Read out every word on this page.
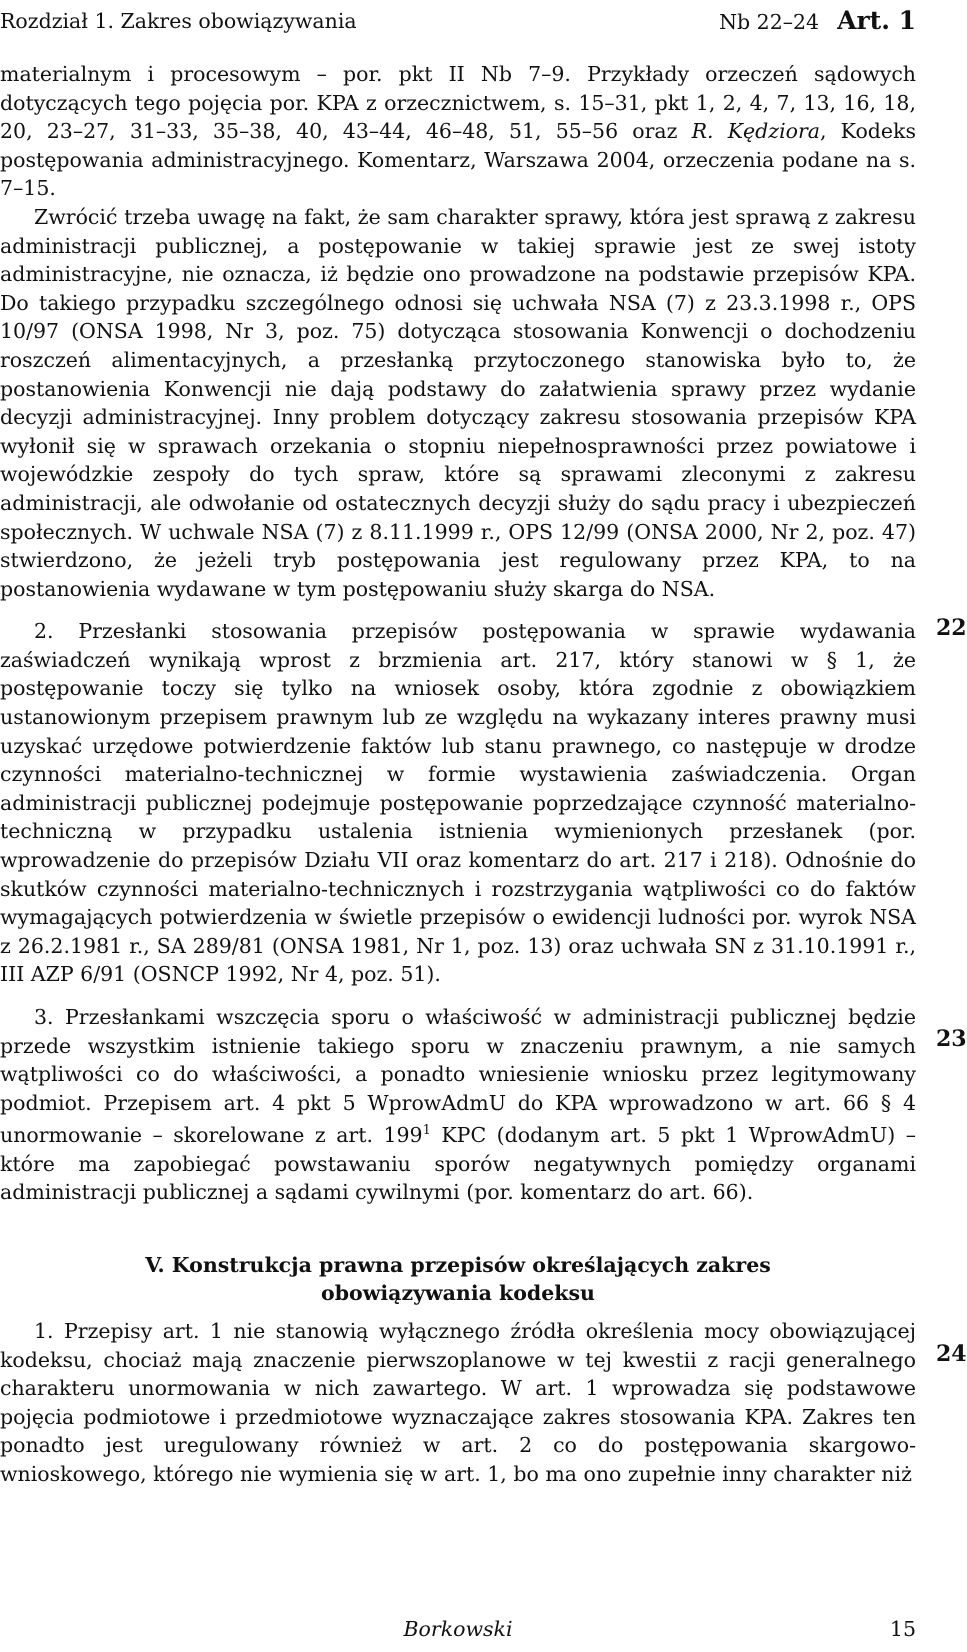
Rozdział 1. Zakres obowiązywania	Nb 22–24 Art. 1

materialnym i procesowym – por. pkt II Nb 7–9. Przykłady orzeczeń sądowych dotyczących tego pojęcia por. KPA z orzecznictwem, s. 15–31, pkt 1, 2, 4, 7, 13, 16, 18, 20, 23–27, 31–33, 35–38, 40, 43–44, 46–48, 51, 55–56 oraz R. Kędziora, Kodeks postępowania administracyjnego. Komentarz, Warszawa 2004, orzeczenia podane na s. 7–15.

Zwrócić trzeba uwagę na fakt, że sam charakter sprawy, która jest sprawą z zakresu administracji publicznej, a postępowanie w takiej sprawie jest ze swej istoty administracyjne, nie oznacza, iż będzie ono prowadzone na podstawie przepisów KPA. Do takiego przypadku szczególnego odnosi się uchwała NSA (7) z 23.3.1998 r., OPS 10/97 (ONSA 1998, Nr 3, poz. 75) dotycząca stosowania Konwencji o dochodzeniu roszczeń alimentacyjnych, a przesłanką przytoczonego stanowiska było to, że postanowienia Konwencji nie dają podstawy do załatwienia sprawy przez wydanie decyzji administracyjnej. Inny problem dotyczący zakresu stosowania przepisów KPA wyłonił się w sprawach orzekania o stopniu niepełnosprawności przez powiatowe i wojewódzkie zespoły do tych spraw, które są sprawami zleconymi z zakresu administracji, ale odwołanie od ostatecznych decyzji służy do sądu pracy i ubezpieczeń społecznych. W uchwale NSA (7) z 8.11.1999 r., OPS 12/99 (ONSA 2000, Nr 2, poz. 47) stwierdzono, że jeżeli tryb postępowania jest regulowany przez KPA, to na postanowienia wydawane w tym postępowaniu służy skarga do NSA.

2. Przesłanki stosowania przepisów postępowania w sprawie wydawania zaświadczeń wynikają wprost z brzmienia art. 217, który stanowi w § 1, że postępowanie toczy się tylko na wniosek osoby, która zgodnie z obowiązkiem ustanowionym przepisem prawnym lub ze względu na wykazany interes prawny musi uzyskać urzędowe potwierdzenie faktów lub stanu prawnego, co następuje w drodze czynności materialno-technicznej w formie wystawienia zaświadczenia. Organ administracji publicznej podejmuje postępowanie poprzedzające czynność materialno-techniczną w przypadku ustalenia istnienia wymienionych przesłanek (por. wprowadzenie do przepisów Działu VII oraz komentarz do art. 217 i 218). Odnośnie do skutków czynności materialno-technicznych i rozstrzygania wątpliwości co do faktów wymagających potwierdzenia w świetle przepisów o ewidencji ludności por. wyrok NSA z 26.2.1981 r., SA 289/81 (ONSA 1981, Nr 1, poz. 13) oraz uchwała SN z 31.10.1991 r., III AZP 6/91 (OSNCP 1992, Nr 4, poz. 51).

3. Przesłankami wszczęcia sporu o właściwość w administracji publicznej będzie przede wszystkim istnienie takiego sporu w znaczeniu prawnym, a nie samych wątpliwości co do właściwości, a ponadto wniesienie wniosku przez legitymowany podmiot. Przepisem art. 4 pkt 5 WprowAdmU do KPA wprowadzono w art. 66 § 4 unormowanie – skorelowane z art. $199^1$ KPC (dodanym art. 5 pkt 1 WprowAdmU) – które ma zapobiegać powstawaniu sporów negatywnych pomiędzy organami administracji publicznej a sądami cywilnymi (por. komentarz do art. 66).

V. Konstrukcja prawna przepisów określających zakres obowiązywania kodeksu

1. Przepisy art. 1 nie stanowią wyłącznego źródła określenia mocy obowiązującej kodeksu, chociaż mają znaczenie pierwszoplanowe w tej kwestii z racji generalnego charakteru unormowania w nich zawartego. W art. 1 wprowadza się podstawowe pojęcia podmiotowe i przedmiotowe wyznaczające zakres stosowania KPA. Zakres ten ponadto jest uregulowany również w art. 2 co do postępowania skargowo-wnioskowego, którego nie wymienia się w art. 1, bo ma ono zupełnie inny charakter niż

22
23
24
Borkowski	15
